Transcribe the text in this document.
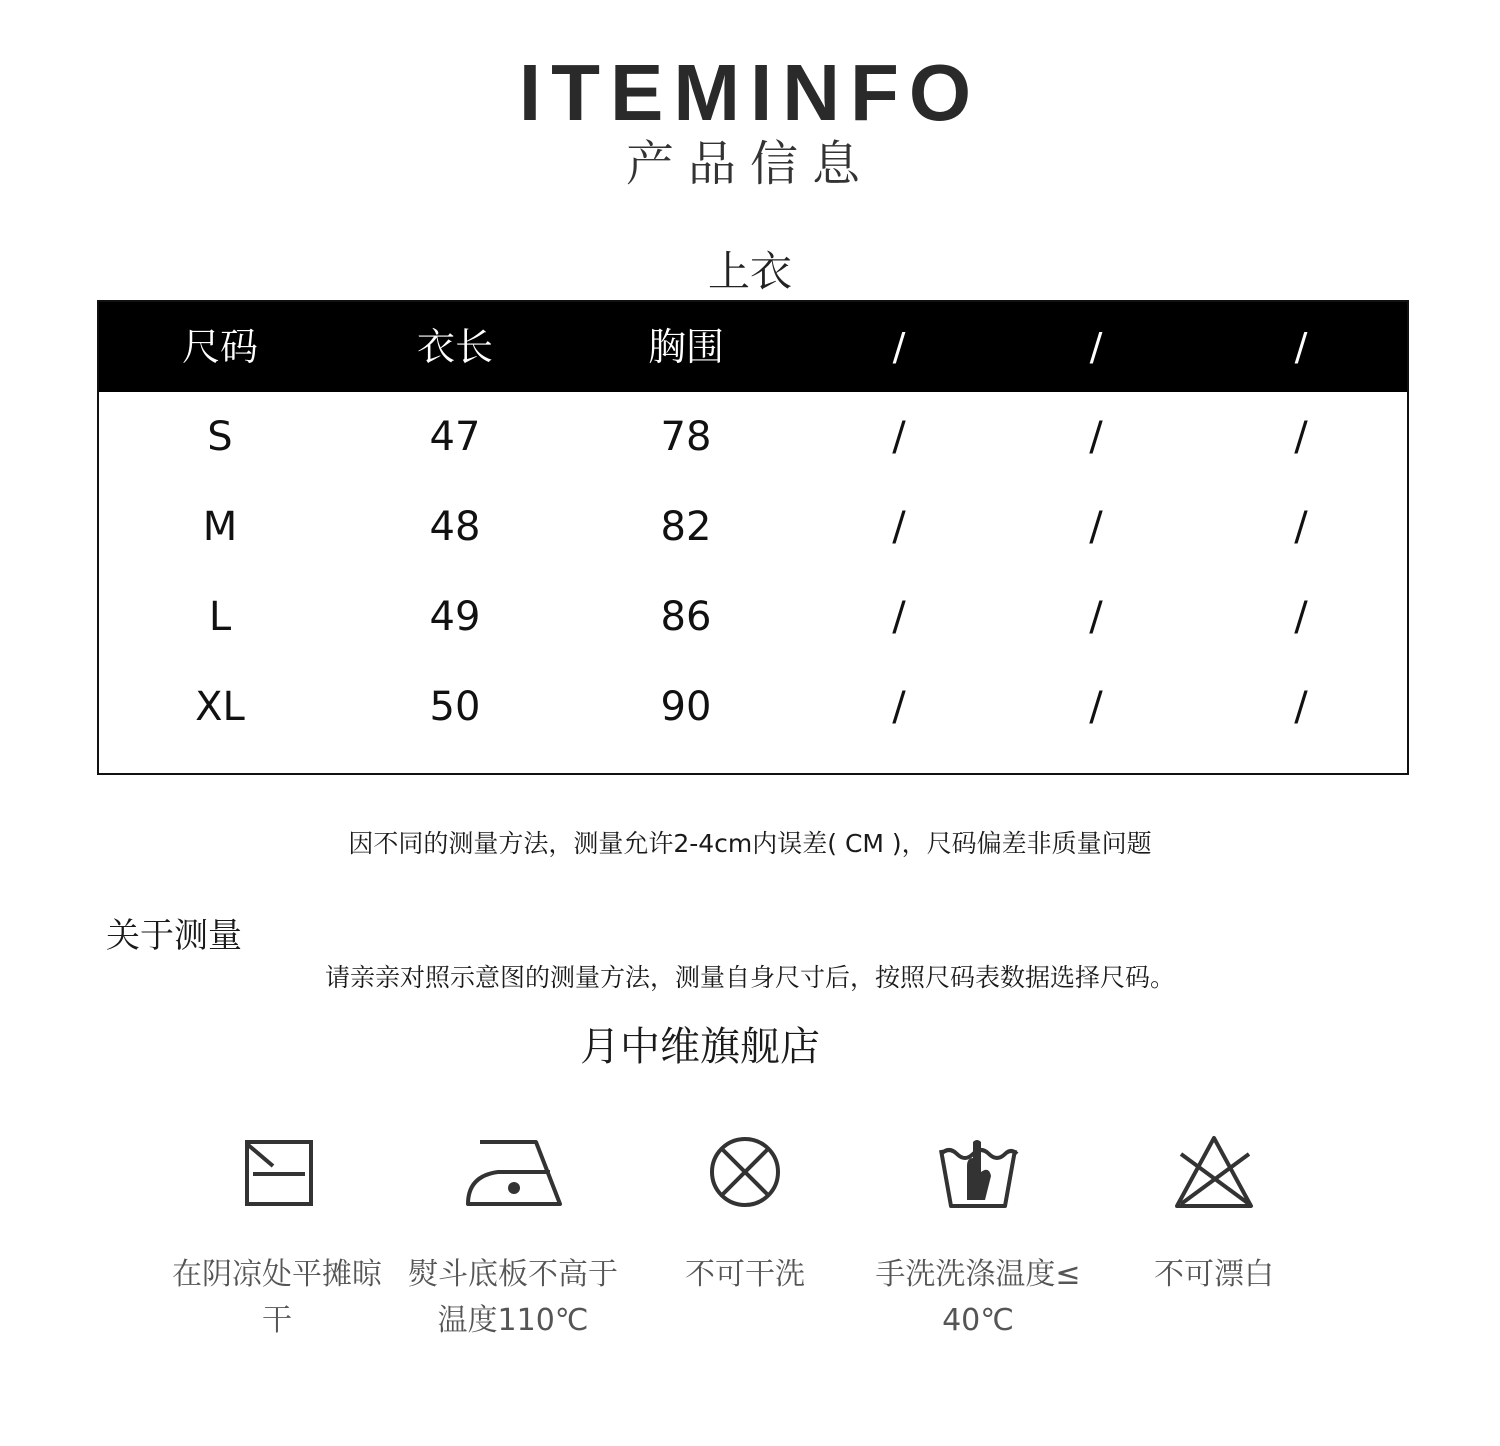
ITEMINFO
产品信息
上衣
尺码	衣长	胸围	/	/	/
S	47	78	/	/	/
M	48	82	/	/	/
L	49	86	/	/	/
XL	50	90	/	/	/
因不同的测量方法，测量允许2-4cm内误差( CM )，尺码偏差非质量问题
关于测量
请亲亲对照示意图的测量方法，测量自身尺寸后，按照尺码表数据选择尺码。
月中维旗舰店
在阴凉处平摊晾
干
熨斗底板不高于
温度110℃
不可干洗	手洗洗涤温度≤
40℃
不可漂白
